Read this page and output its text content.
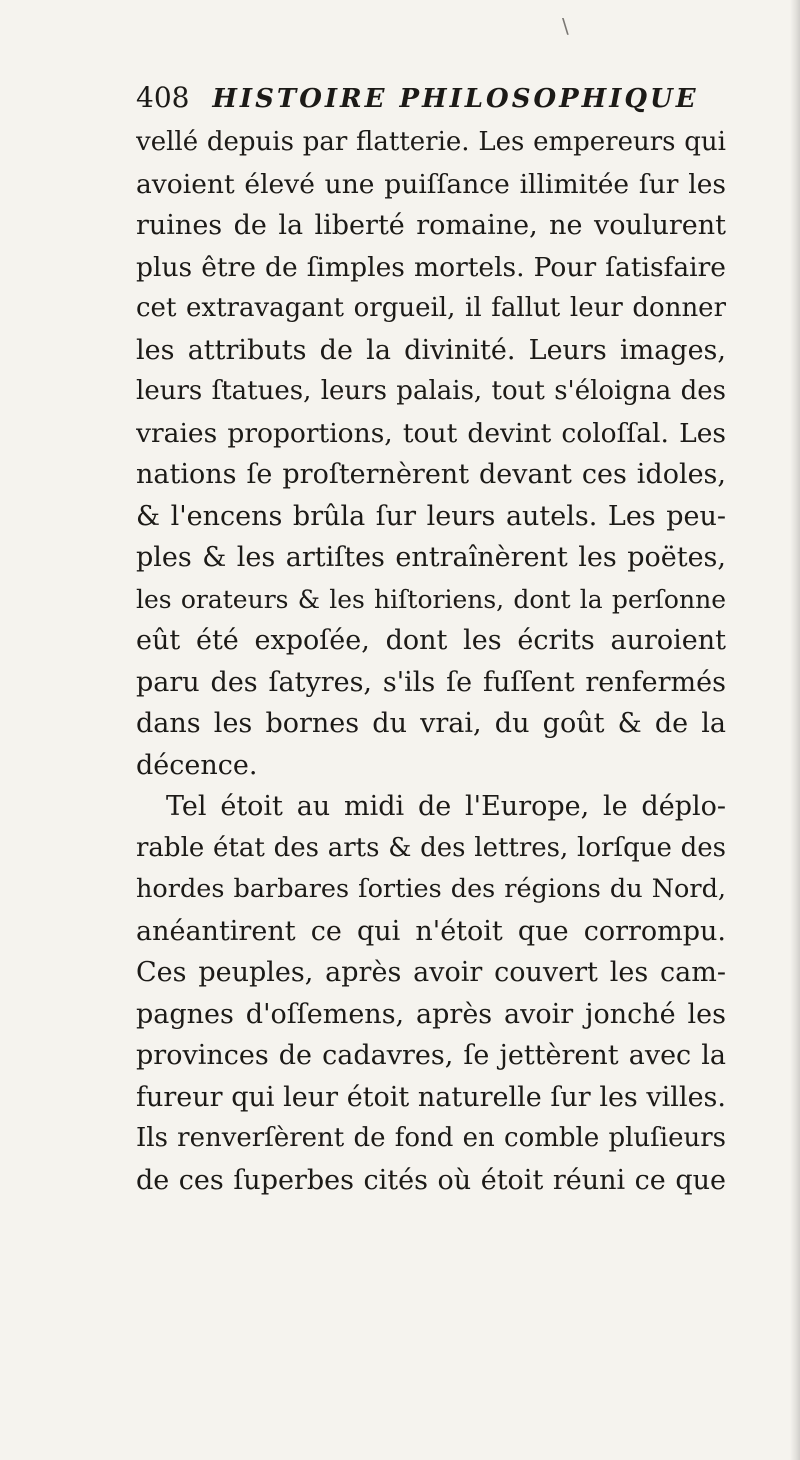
\
408 HISTOIRE PHILOSOPHIQUE
vellé depuis par flatterie. Les empereurs qui
avoient élevé une puiſſance illimitée ſur les
ruines de la liberté romaine, ne voulurent
plus être de ſimples mortels. Pour ſatisfaire
cet extravagant orgueil, il fallut leur donner
les attributs de la divinité. Leurs images,
leurs ſtatues, leurs palais, tout s'éloigna des
vraies proportions, tout devint coloſſal. Les
nations ſe proſternèrent devant ces idoles,
& l'encens brûla ſur leurs autels. Les peu-
ples & les artiſtes entraînèrent les poëtes,
les orateurs & les hiſtoriens, dont la perſonne
eût été expoſée, dont les écrits auroient
paru des ſatyres, s'ils ſe fuſſent renfermés
dans les bornes du vrai, du goût & de la
décence.
Tel étoit au midi de l'Europe, le déplo-
rable état des arts & des lettres, lorſque des
hordes barbares ſorties des régions du Nord,
anéantirent ce qui n'étoit que corrompu.
Ces peuples, après avoir couvert les cam-
pagnes d'oſſemens, après avoir jonché les
provinces de cadavres, ſe jettèrent avec la
fureur qui leur étoit naturelle ſur les villes.
Ils renverſèrent de fond en comble pluſieurs
de ces ſuperbes cités où étoit réuni ce que
